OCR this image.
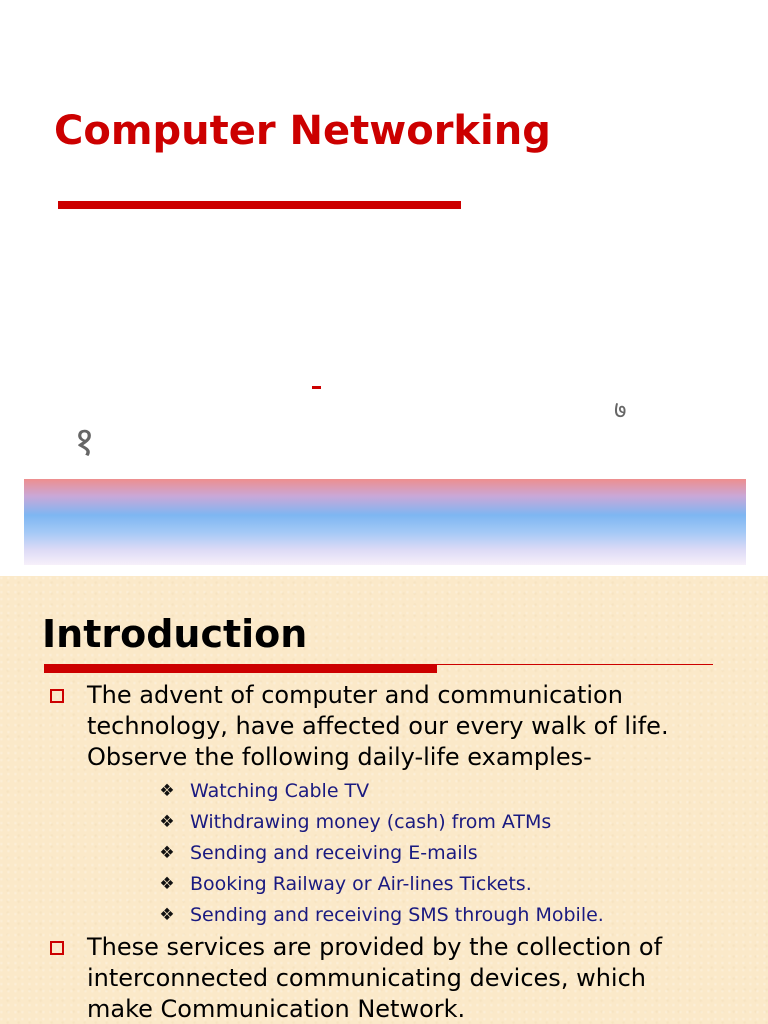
Computer Networking
१
७
Introduction
The advent of computer and communication
technology, have affected our every walk of life.
Observe the following daily-life examples-
❖ Watching Cable TV
❖ Withdrawing money (cash) from ATMs
❖ Sending and receiving E-mails
❖ Booking Railway or Air-lines Tickets.
❖ Sending and receiving SMS through Mobile.
These services are provided by the collection of
interconnected communicating devices, which
make Communication Network.
